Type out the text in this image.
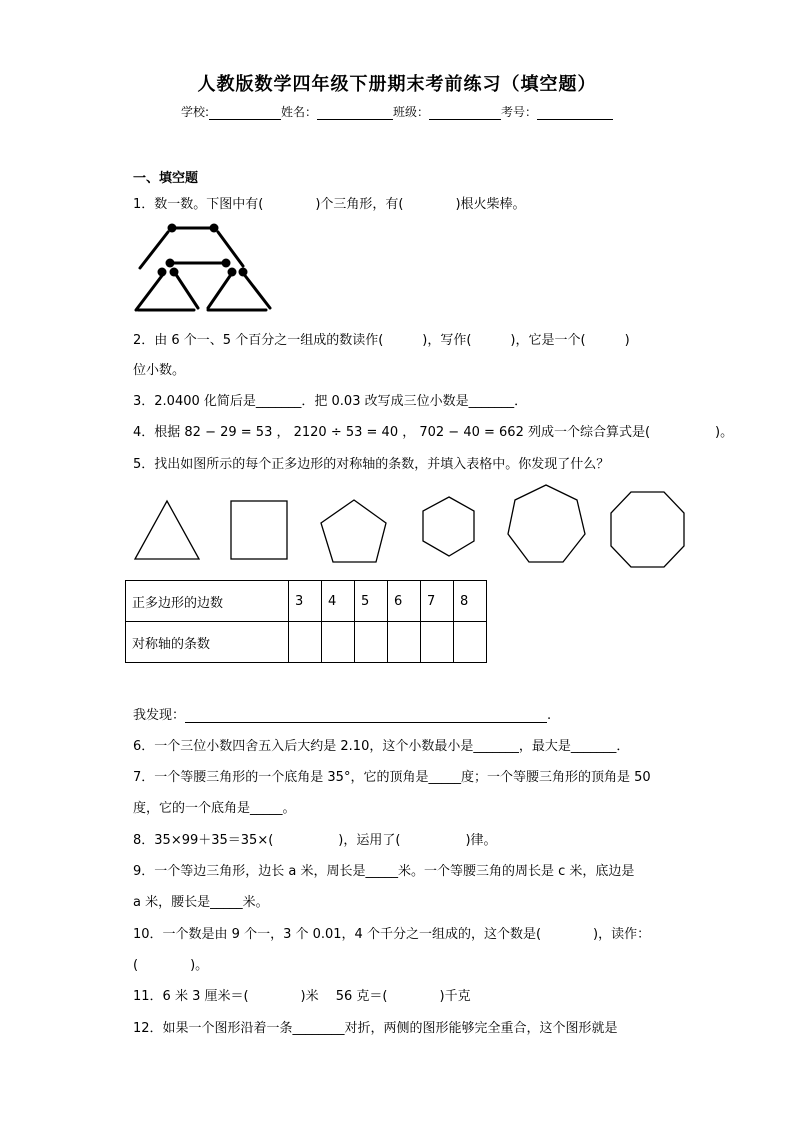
人教版数学四年级下册期末考前练习（填空题）
学校:	姓名：	班级：	考号：
一、填空题
1．数一数。下图中有(　　　　)个三角形，有(　　　　)根火柴棒。
2．由 6 个一、5 个百分之一组成的数读作(　　　)，写作(　　　)，它是一个(　　　)
位小数。
3．2.0400 化简后是_______．把 0.03 改写成三位小数是_______．
4．根据 82 − 29 = 53 ， 2120 ÷ 53 = 40 ， 702 − 40 = 662 列成一个综合算式是(　　　　　)。
5．找出如图所示的每个正多边形的对称轴的条数，并填入表格中。你发现了什么？
正多边形的边数	3	4	5	6	7	8
对称轴的条数						
我发现：	.
6．一个三位小数四舍五入后大约是 2.10，这个小数最小是_______，最大是_______．
7．一个等腰三角形的一个底角是 35°，它的顶角是_____度；一个等腰三角形的顶角是 50
度，它的一个底角是_____。
8．35×99＋35＝35×(　　　　　)，运用了(　　　　　)律。
9．一个等边三角形，边长 a 米，周长是_____米。一个等腰三角的周长是 c 米，底边是
a 米，腰长是_____米。
10．一个数是由 9 个一，3 个 0.01，4 个千分之一组成的，这个数是(　　　　)，读作：
(　　　　)。
11．6 米 3 厘米＝(　　　　)米　 56 克＝(　　　　)千克
12．如果一个图形沿着一条________对折，两侧的图形能够完全重合，这个图形就是
